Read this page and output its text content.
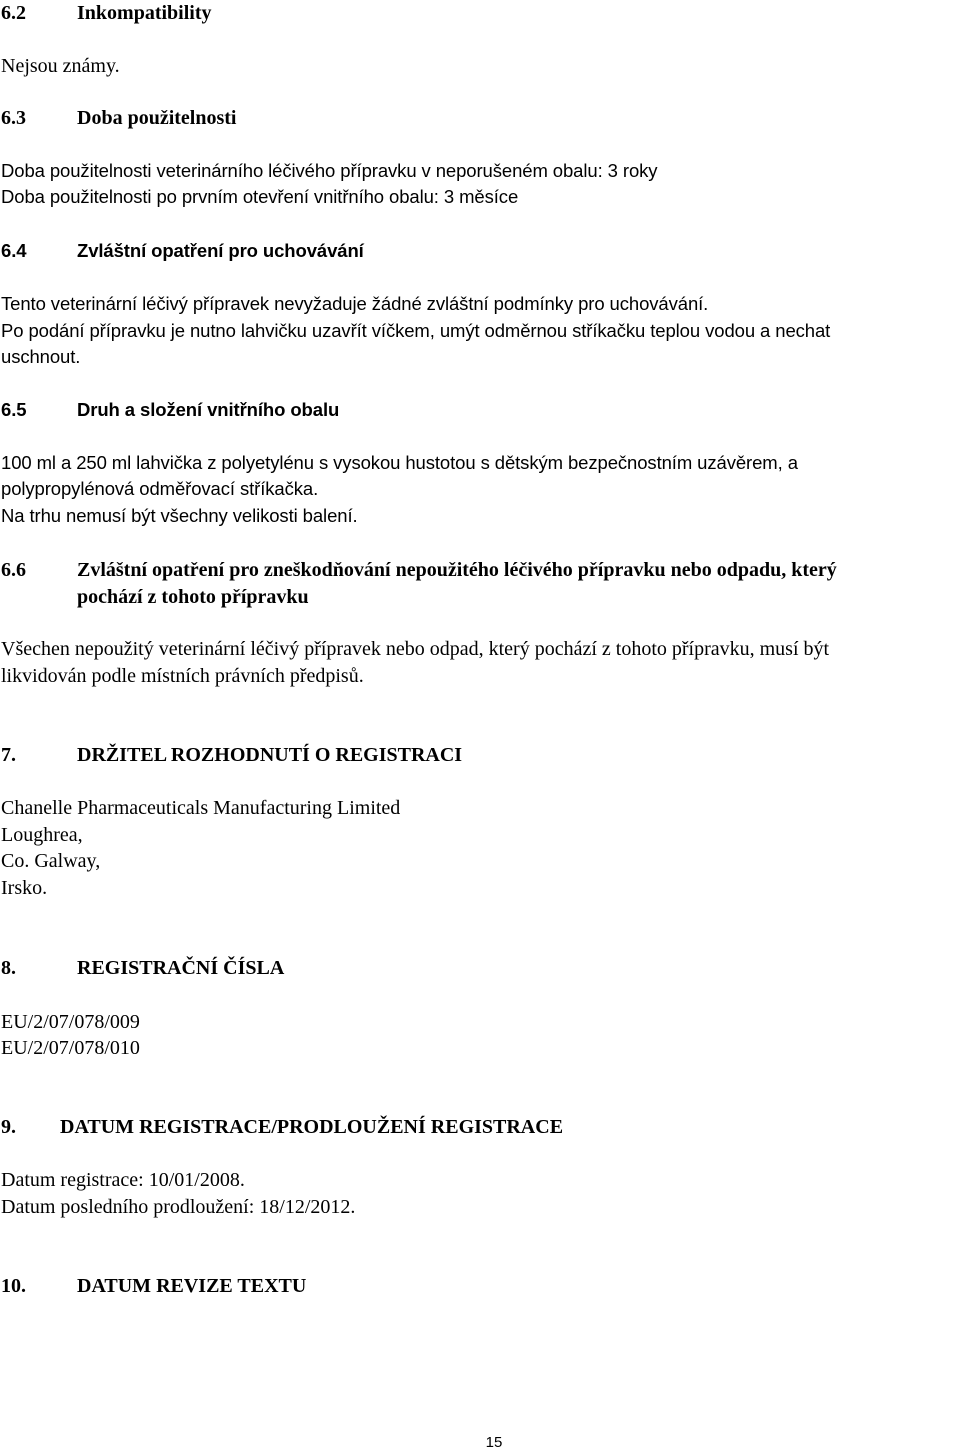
6.2	Inkompatibility
Nejsou známy.
6.3	Doba použitelnosti
Doba použitelnosti veterinárního léčivého přípravku v neporušeném obalu: 3 roky
Doba použitelnosti po prvním otevření vnitřního obalu: 3 měsíce
6.4	Zvláštní opatření pro uchovávání
Tento veterinární léčivý přípravek nevyžaduje žádné zvláštní podmínky pro uchovávání.
Po podání přípravku je nutno lahvičku uzavřít víčkem, umýt odměrnou stříkačku teplou vodou a nechat
uschnout.
6.5	Druh a složení vnitřního obalu
100 ml a 250 ml lahvička z polyetylénu s vysokou hustotou s dětským bezpečnostním uzávěrem, a
polypropylénová odměřovací stříkačka.
Na trhu nemusí být všechny velikosti balení.
6.6	Zvláštní opatření pro zneškodňování nepoužitého léčivého přípravku nebo odpadu, který
pochází z tohoto přípravku
Všechen nepoužitý veterinární léčivý přípravek nebo odpad, který pochází z tohoto přípravku, musí být
likvidován podle místních právních předpisů.
7.	DRŽITEL ROZHODNUTÍ O REGISTRACI
Chanelle Pharmaceuticals Manufacturing Limited
Loughrea,
Co. Galway,
Irsko.
8.	REGISTRAČNÍ ČÍSLA
EU/2/07/078/009
EU/2/07/078/010
9. DATUM REGISTRACE/PRODLOUŽENÍ REGISTRACE
Datum registrace: 10/01/2008.
Datum posledního prodloužení: 18/12/2012.
10.	DATUM REVIZE TEXTU
15
